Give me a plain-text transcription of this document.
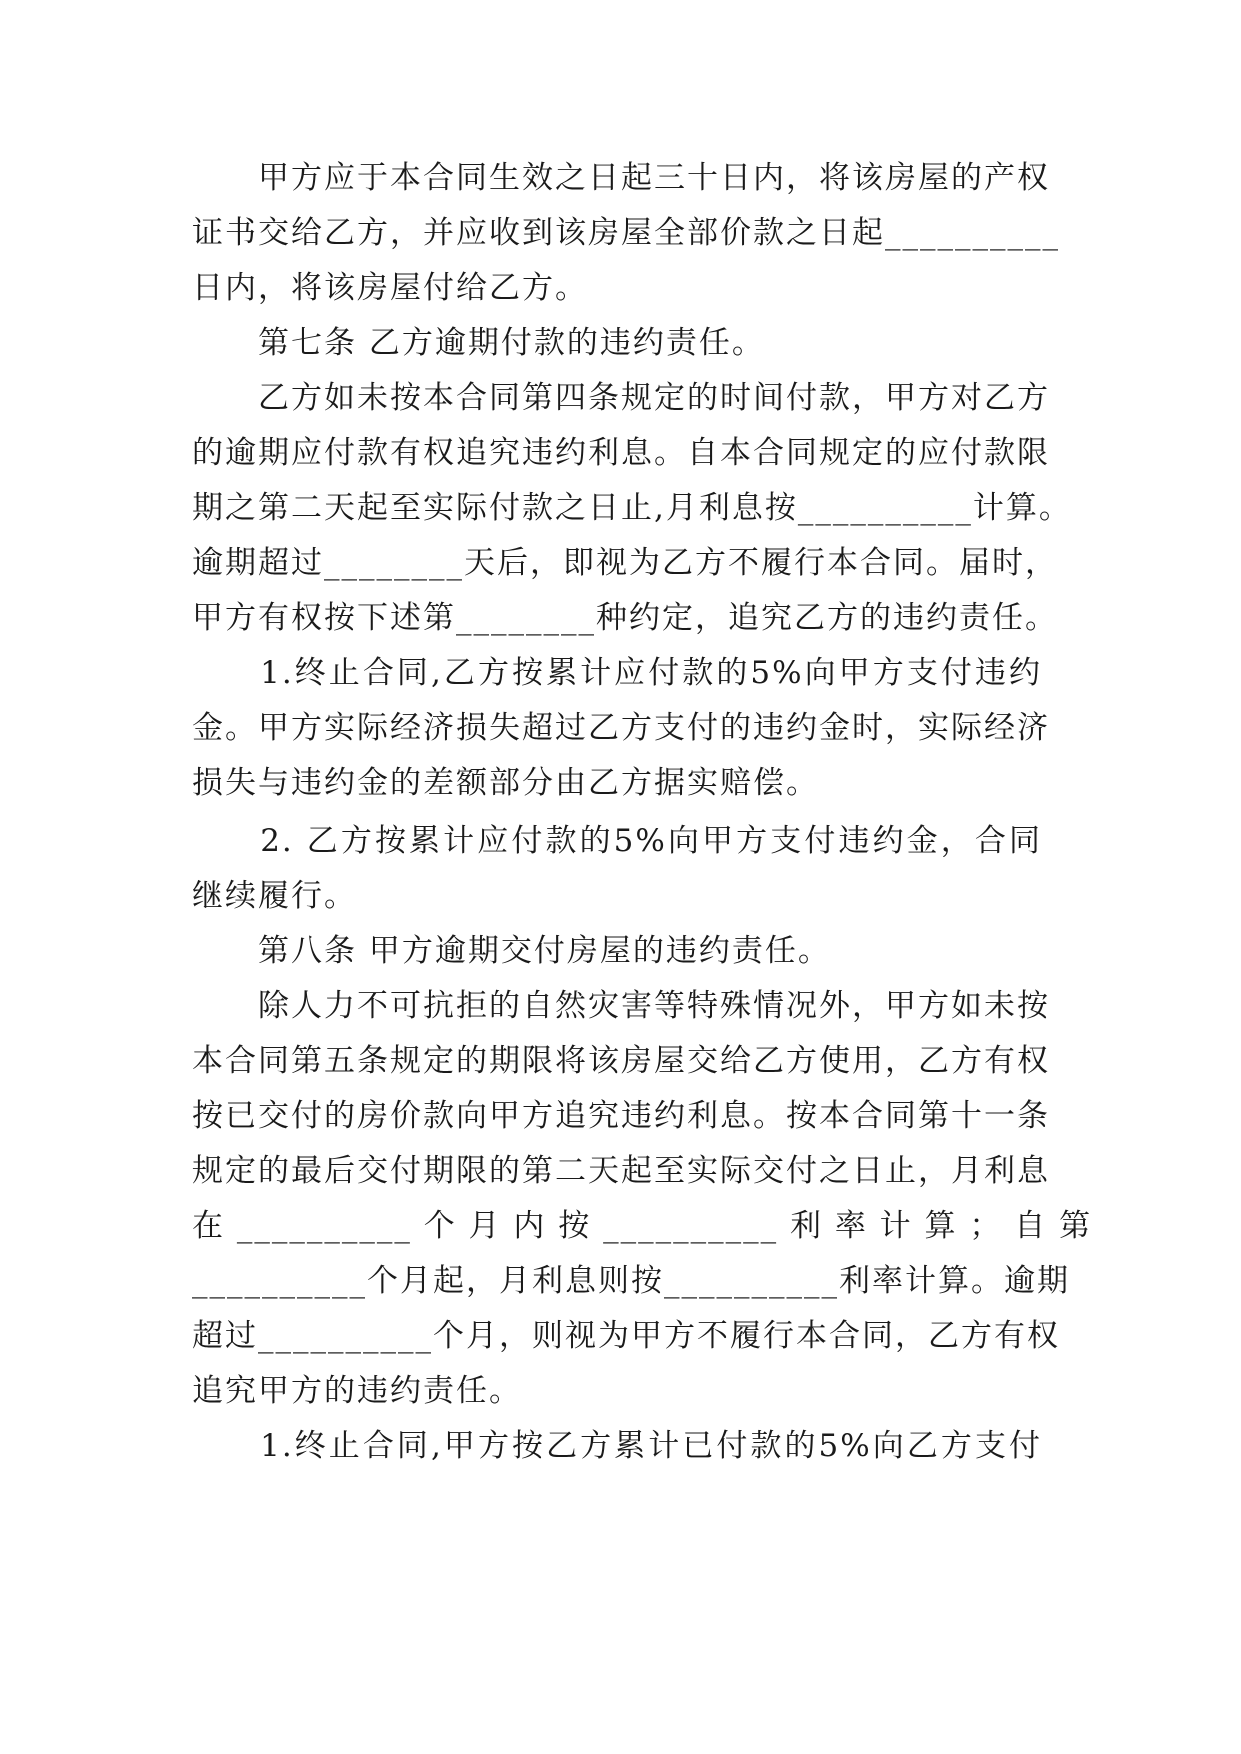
　　甲方应于本合同生效之日起三十日内，将该房屋的产权
证书交给乙方，并应收到该房屋全部价款之日起__________
日内，将该房屋付给乙方。
　　第七条 乙方逾期付款的违约责任。
　　乙方如未按本合同第四条规定的时间付款，甲方对乙方
的逾期应付款有权追究违约利息。自本合同规定的应付款限
期之第二天起至实际付款之日止,月利息按__________计算。
逾期超过________天后，即视为乙方不履行本合同。届时，
甲方有权按下述第________种约定，追究乙方的违约责任。
　　1.终止合同,乙方按累计应付款的5%向甲方支付违约
金。甲方实际经济损失超过乙方支付的违约金时，实际经济
损失与违约金的差额部分由乙方据实赔偿。
　　2. 乙方按累计应付款的5%向甲方支付违约金，合同
继续履行。
　　第八条 甲方逾期交付房屋的违约责任。
　　除人力不可抗拒的自然灾害等特殊情况外，甲方如未按
本合同第五条规定的期限将该房屋交给乙方使用，乙方有权
按已交付的房价款向甲方追究违约利息。按本合同第十一条
规定的最后交付期限的第二天起至实际交付之日止，月利息
在 __________ 个 月 内 按 __________ 利 率 计 算 ； 自 第
__________个月起，月利息则按__________利率计算。逾期
超过__________个月，则视为甲方不履行本合同，乙方有权
追究甲方的违约责任。
　　1.终止合同,甲方按乙方累计已付款的5%向乙方支付
